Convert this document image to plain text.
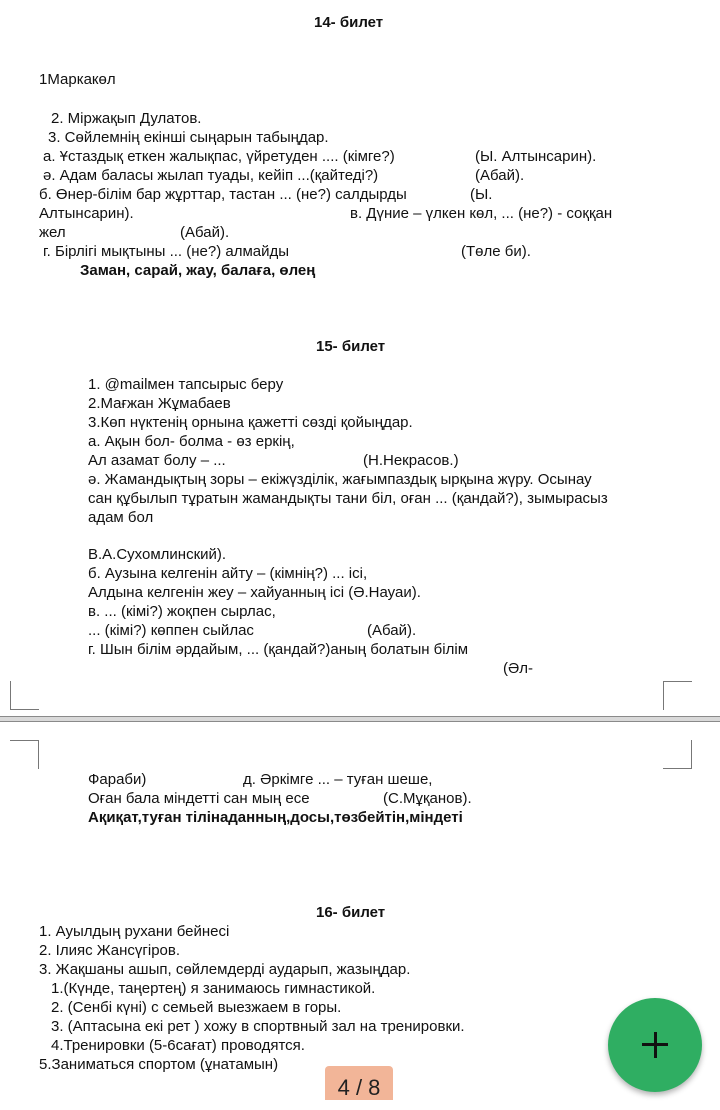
14- билет
1Маркакөл
2. Міржақып Дулатов.
3. Сөйлемнің екінші сыңарын табыңдар.
а. Ұстаздық еткен жалықпас, үйретуден .... (кімге?)	(Ы. Алтынсарин).
ә. Адам баласы жылап туады, кейіп ...(қайтеді?)	(Абай).
б. Өнер-білім бар жұрттар, тастан ... (не?) салдырды	(Ы.
Алтынсарин).	в. Дүние – үлкен көл, ... (не?) - соққан
жел	(Абай).
г. Бірлігі мықтыны ... (не?) алмайды	(Төле би).
Заман, сарай, жау, балаға, өлең
15- билет
1. @mailмен тапсырыс беру
2.Мағжан Жұмабаев
3.Көп нүктенің орнына қажетті сөзді қойыңдар.
а. Ақын бол- болма - өз еркің,
Ал азамат болу – ...	(Н.Некрасов.)
ә. Жамандықтың зоры – екіжүзділік, жағымпаздық ырқына жүру. Осынау
сан құбылып тұратын жамандықты тани біл, оған ... (қандай?), зымырасыз
адам бол
В.А.Сухомлинский).
б. Аузына келгенін айту – (кімнің?) ... ісі,
Алдына келгенін жеу – хайуанның ісі (Ә.Науаи).
в. ... (кімі?) жоқпен сырлас,
... (кімі?) көппен сыйлас	(Абай).
г. Шын білім әрдайым, ... (қандай?)аның болатын білім
(Әл-
Фараби)	д. Әркімге ... – туған шеше,
Оған бала міндетті сан мың есе	(С.Мұқанов).
Ақиқат,туған тілінаданның,досы,төзбейтін,міндеті
16- билет
1. Ауылдың рухани бейнесі
2. Ілияс Жансүгіров.
3. Жақшаны ашып, сөйлемдерді аударып, жазыңдар.
1.(Күнде, таңертең) я занимаюсь гимнастикой.
2. (Сенбі күні) с семьей выезжаем в горы.
3. (Аптасына екі рет ) хожу в спортвный зал на тренировки.
4.Тренировки (5-6сағат) проводятся.
5.Заниматься спортом (ұнатамын)
4 / 8
